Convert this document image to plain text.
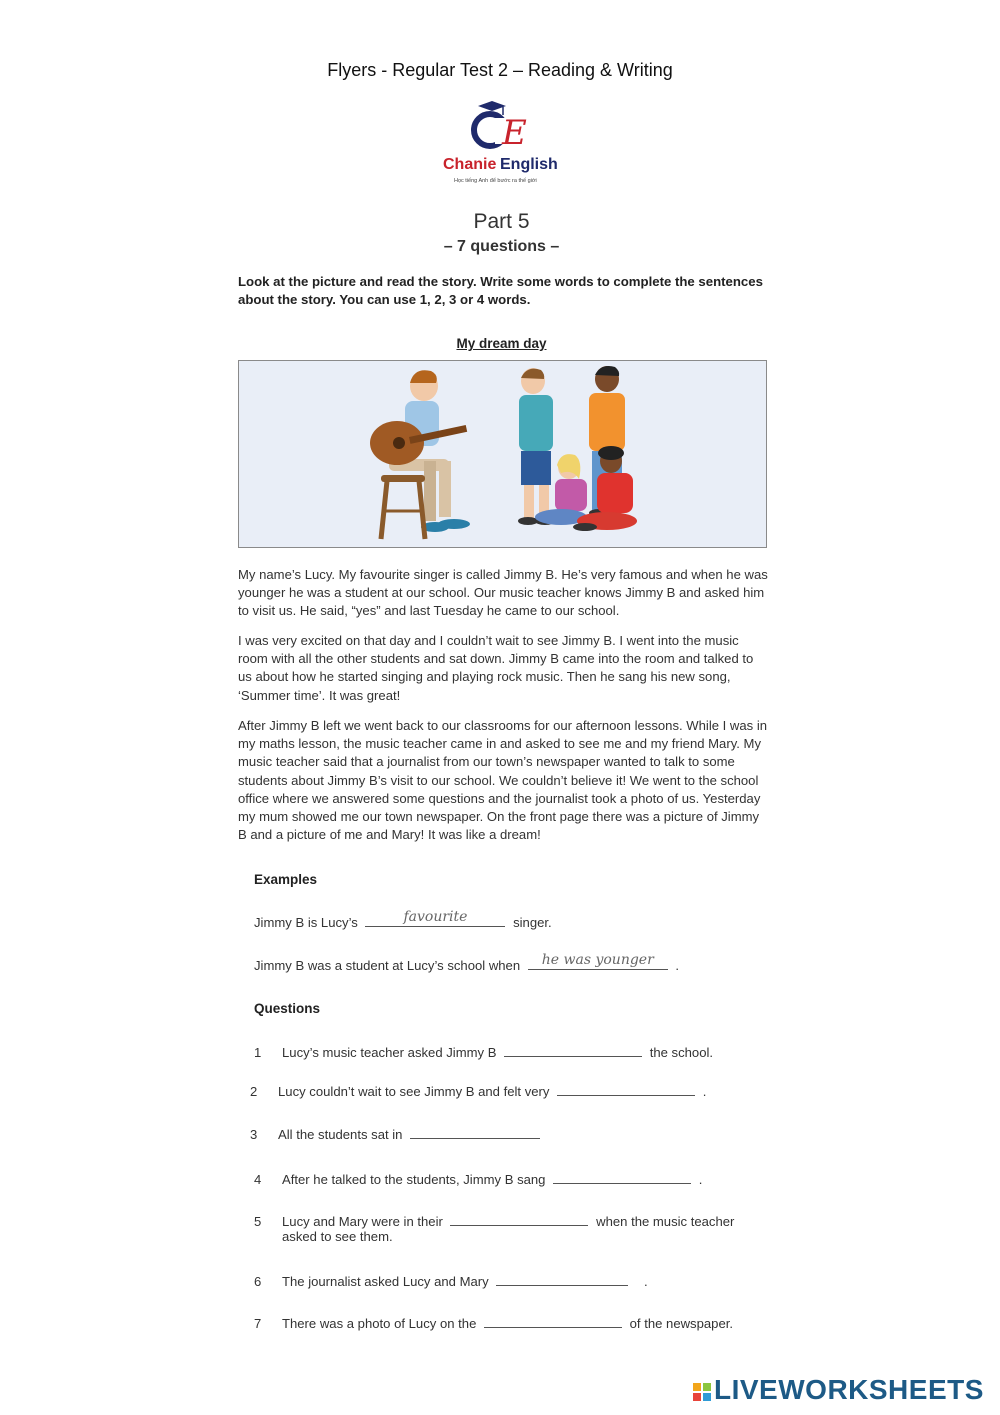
Flyers - Regular Test 2 – Reading & Writing
E
Chanie English
Học tiếng Anh để bước ra thế giới
Part 5
– 7 questions –
Look at the picture and read the story. Write some words to complete the sentences about the story. You can use 1, 2, 3 or 4 words.
My dream day

My name’s Lucy. My favourite singer is called Jimmy B. He’s very famous and when he was younger he was a student at our school. Our music teacher knows Jimmy B and asked him to visit us. He said, “yes” and last Tuesday he came to our school.

I was very excited on that day and I couldn’t wait to see Jimmy B. I went into the music room with all the other students and sat down. Jimmy B came into the room and talked to us about how he started singing and playing rock music. Then he sang his new song, ‘Summer time’. It was great!

After Jimmy B left we went back to our classrooms for our afternoon lessons. While I was in my maths lesson, the music teacher came in and asked to see me and my friend Mary. My music teacher said that a journalist from our town’s newspaper wanted to talk to some students about Jimmy B’s visit to our school. We couldn’t believe it! We went to the school office where we answered some questions and the journalist took a photo of us. Yesterday my mum showed me our town newspaper. On the front page there was a picture of Jimmy B and a picture of me and Mary! It was like a dream!

Examples
Jimmy B is Lucy’s	favourite	singer.
Jimmy B was a student at Lucy’s school when	he was younger	.
Questions
1 Lucy’s music teacher asked Jimmy B	the school.
2 Lucy couldn’t wait to see Jimmy B and felt very	.
3 All the students sat in
4 After he talked to the students, Jimmy B sang	.
5 Lucy and Mary were in their	when the music teacher
asked to see them.
6 The journalist asked Lucy and Mary	.
7 There was a photo of Lucy on the	of the newspaper.

LIVEWORKSHEETS
